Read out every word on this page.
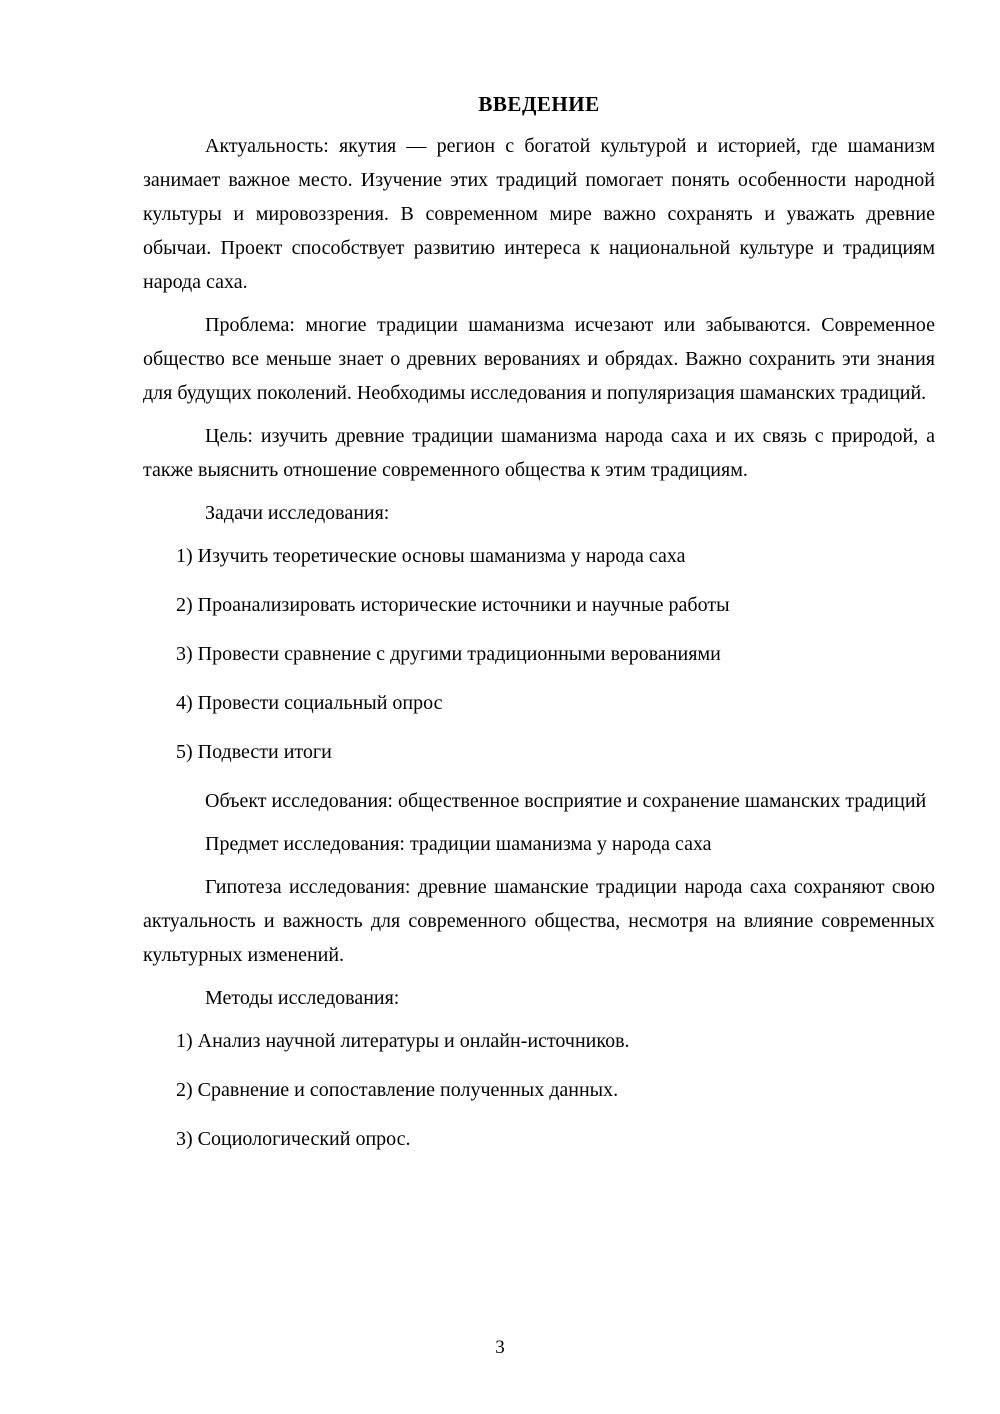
ВВЕДЕНИЕ

Актуальность: якутия — регион с богатой культурой и историей, где шаманизм занимает важное место. Изучение этих традиций помогает понять особенности народной культуры и мировоззрения. В современном мире важно сохранять и уважать древние обычаи. Проект способствует развитию интереса к национальной культуре и традициям народа саха.

Проблема: многие традиции шаманизма исчезают или забываются. Современное общество все меньше знает о древних верованиях и обрядах. Важно сохранить эти знания для будущих поколений. Необходимы исследования и популяризация шаманских традиций.

Цель: изучить древние традиции шаманизма народа саха и их связь с природой, а также выяснить отношение современного общества к этим традициям.

Задачи исследования:

1) Изучить теоретические основы шаманизма у народа саха

2) Проанализировать исторические источники и научные работы

3) Провести сравнение с другими традиционными верованиями

4) Провести социальный опрос

5) Подвести итоги

Объект исследования: общественное восприятие и сохранение шаманских традиций

Предмет исследования: традиции шаманизма у народа саха

Гипотеза исследования: древние шаманские традиции народа саха сохраняют свою актуальность и важность для современного общества, несмотря на влияние современных культурных изменений.

Методы исследования:

1) Анализ научной литературы и онлайн-источников.

2) Сравнение и сопоставление полученных данных.

3) Социологический опрос.

3
